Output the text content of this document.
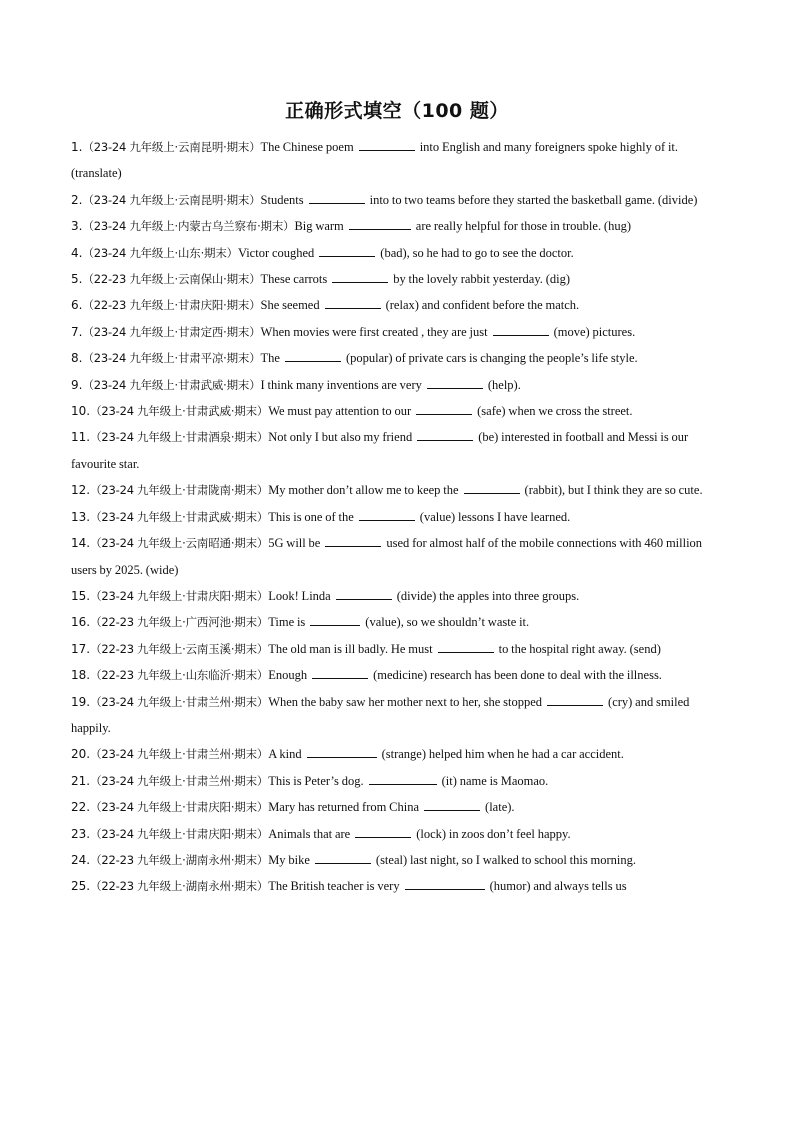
正确形式填空（100 题）

1.（23-24 九年级上·云南昆明·期末）The Chinese poem	into English and many foreigners spoke highly of it. (translate)

2.（23-24 九年级上·云南昆明·期末）Students	into to two teams before they started the basketball game. (divide)

3.（23-24 九年级上·内蒙古乌兰察布·期末）Big warm	are really helpful for those in trouble. (hug)

4.（23-24 九年级上·山东·期末）Victor coughed	(bad), so he had to go to see the doctor.

5.（22-23 九年级上·云南保山·期末）These carrots	by the lovely rabbit yesterday. (dig)

6.（22-23 九年级上·甘肃庆阳·期末）She seemed	(relax) and confident before the match.

7.（23-24 九年级上·甘肃定西·期末）When movies were first created , they are just	(move) pictures.

8.（23-24 九年级上·甘肃平凉·期末）The	(popular) of private cars is changing the people’s life style.

9.（23-24 九年级上·甘肃武威·期末）I think many inventions are very	(help).

10.（23-24 九年级上·甘肃武威·期末）We must pay attention to our	(safe) when we cross the street.

11.（23-24 九年级上·甘肃酒泉·期末）Not only I but also my friend	(be) interested in football and Messi is our favourite star.

12.（23-24 九年级上·甘肃陇南·期末）My mother don’t allow me to keep the	(rabbit), but I think they are so cute.

13.（23-24 九年级上·甘肃武威·期末）This is one of the	(value) lessons I have learned.

14.（23-24 九年级上·云南昭通·期末）5G will be	used for almost half of the mobile connections with 460 million users by 2025. (wide)

15.（23-24 九年级上·甘肃庆阳·期末）Look! Linda	(divide) the apples into three groups.

16.（22-23 九年级上·广西河池·期末）Time is	(value), so we shouldn’t waste it.

17.（22-23 九年级上·云南玉溪·期末）The old man is ill badly. He must	to the hospital right away. (send)

18.（22-23 九年级上·山东临沂·期末）Enough	(medicine) research has been done to deal with the illness.

19.（23-24 九年级上·甘肃兰州·期末）When the baby saw her mother next to her, she stopped	(cry) and smiled happily.

20.（23-24 九年级上·甘肃兰州·期末）A kind	(strange) helped him when he had a car accident.

21.（23-24 九年级上·甘肃兰州·期末）This is Peter’s dog.	(it) name is Maomao.

22.（23-24 九年级上·甘肃庆阳·期末）Mary has returned from China	(late).

23.（23-24 九年级上·甘肃庆阳·期末）Animals that are	(lock) in zoos don’t feel happy.

24.（22-23 九年级上·湖南永州·期末）My bike	(steal) last night, so I walked to school this morning.

25.（22-23 九年级上·湖南永州·期末）The British teacher is very	(humor) and always tells us
